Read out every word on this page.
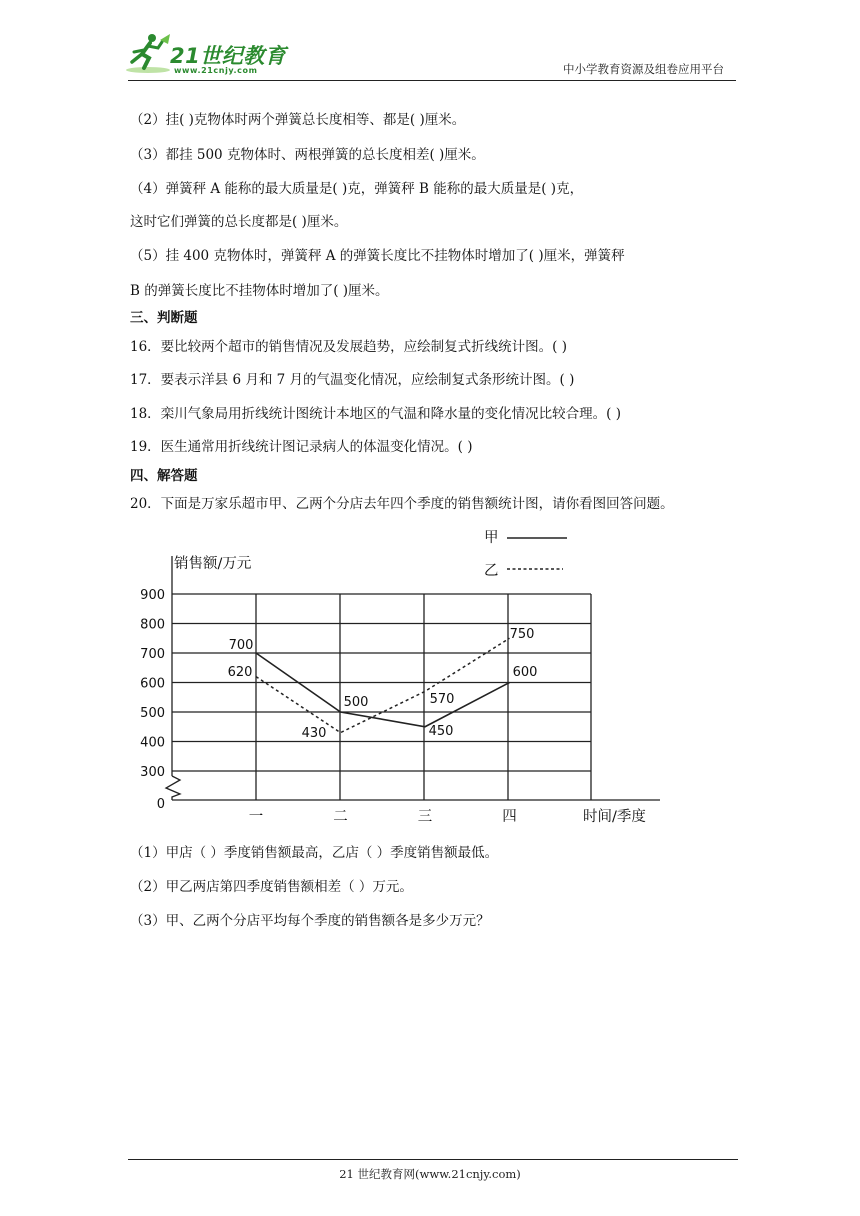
21世纪教育
www.21cnjy.com	中小学教育资源及组卷应用平台
（2）挂( )克物体时两个弹簧总长度相等、都是( )厘米。
（3）都挂 500 克物体时、两根弹簧的总长度相差( )厘米。
（4）弹簧秤 A 能称的最大质量是( )克，弹簧秤 B 能称的最大质量是( )克，
这时它们弹簧的总长度都是( )厘米。
（5）挂 400 克物体时，弹簧秤 A 的弹簧长度比不挂物体时增加了( )厘米，弹簧秤
B 的弹簧长度比不挂物体时增加了( )厘米。
三、判断题
16．要比较两个超市的销售情况及发展趋势，应绘制复式折线统计图。( )
17．要表示洋县 6 月和 7 月的气温变化情况，应绘制复式条形统计图。( )
18．栾川气象局用折线统计图统计本地区的气温和降水量的变化情况比较合理。( )
19．医生通常用折线统计图记录病人的体温变化情况。( )
四、解答题
20．下面是万家乐超市甲、乙两个分店去年四个季度的销售额统计图，请你看图回答问题。
销售额/万元
时间/季度
0
300
400
500
600
700
800
900
一	二	三	四
700
500
450
600
620
430
570
750
甲
乙
（1）甲店（ ）季度销售额最高，乙店（ ）季度销售额最低。
（2）甲乙两店第四季度销售额相差（ ）万元。
（3）甲、乙两个分店平均每个季度的销售额各是多少万元？
21 世纪教育网(www.21cnjy.com)
